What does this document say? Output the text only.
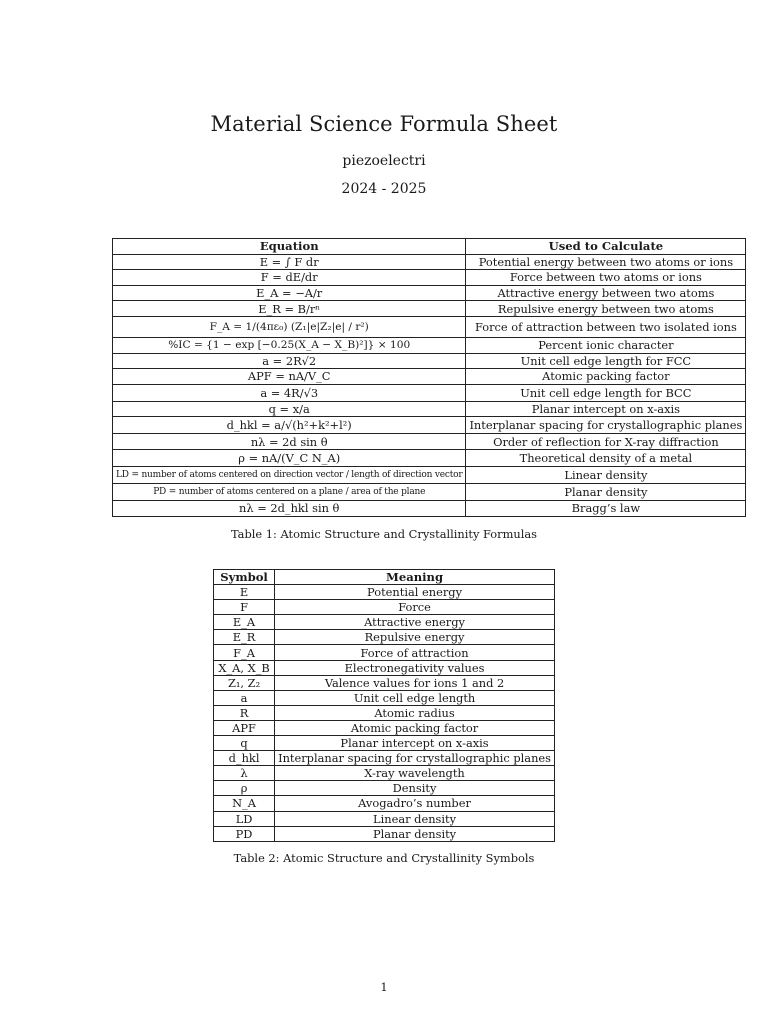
Material Science Formula Sheet
piezoelectri
2024 - 2025
Equation	Used to Calculate
E = ∫ F dr	Potential energy between two atoms or ions
F = dE/dr	Force between two atoms or ions
E_A = −A/r	Attractive energy between two atoms
E_R = B/rⁿ	Repulsive energy between two atoms
F_A = 1/(4πε₀) (Z₁|e|Z₂|e| / r²)	Force of attraction between two isolated ions
%IC = {1 − exp [−0.25(X_A − X_B)²]} × 100	Percent ionic character
a = 2R√2	Unit cell edge length for FCC
APF = nA/V_C	Atomic packing factor
a = 4R/√3	Unit cell edge length for BCC
q = x/a	Planar intercept on x-axis
d_hkl = a/√(h²+k²+l²)	Interplanar spacing for crystallographic planes
nλ = 2d sin θ	Order of reflection for X-ray diffraction
ρ = nA/(V_C N_A)	Theoretical density of a metal
LD = number of atoms centered on direction vector / length of direction vector	Linear density
PD = number of atoms centered on a plane / area of the plane	Planar density
nλ = 2d_hkl sin θ	Bragg’s law
Table 1: Atomic Structure and Crystallinity Formulas
Symbol	Meaning
E	Potential energy
F	Force
E_A	Attractive energy
E_R	Repulsive energy
F_A	Force of attraction
X_A, X_B	Electronegativity values
Z₁, Z₂	Valence values for ions 1 and 2
a	Unit cell edge length
R	Atomic radius
APF	Atomic packing factor
q	Planar intercept on x-axis
d_hkl	Interplanar spacing for crystallographic planes
λ	X-ray wavelength
ρ	Density
N_A	Avogadro’s number
LD	Linear density
PD	Planar density
Table 2: Atomic Structure and Crystallinity Symbols
1
